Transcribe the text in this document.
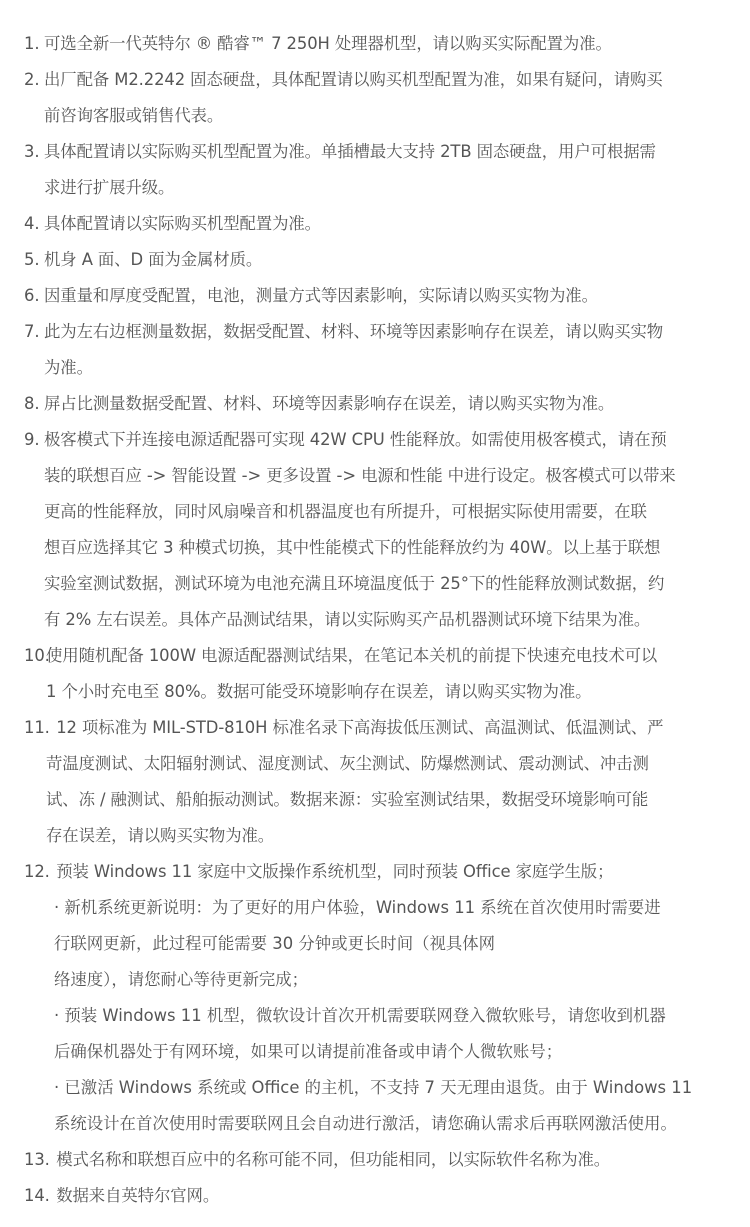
1. 可选全新一代英特尔 ® 酷睿™ 7 250H 处理器机型，请以购买实际配置为准。
2. 出厂配备 M2.2242 固态硬盘，具体配置请以购买机型配置为准，如果有疑问，请购买
前咨询客服或销售代表。
3. 具体配置请以实际购买机型配置为准。单插槽最大支持 2TB 固态硬盘，用户可根据需
求进行扩展升级。
4. 具体配置请以实际购买机型配置为准。
5. 机身 A 面、D 面为金属材质。
6. 因重量和厚度受配置，电池，测量方式等因素影响，实际请以购买实物为准。
7. 此为左右边框测量数据，数据受配置、材料、环境等因素影响存在误差，请以购买实物
为准。
8. 屏占比测量数据受配置、材料、环境等因素影响存在误差，请以购买实物为准。
9. 极客模式下并连接电源适配器可实现 42W CPU 性能释放。如需使用极客模式，请在预
装的联想百应 -> 智能设置 -> 更多设置 -> 电源和性能 中进行设定。极客模式可以带来
更高的性能释放，同时风扇噪音和机器温度也有所提升，可根据实际使用需要，在联
想百应选择其它 3 种模式切换，其中性能模式下的性能释放约为 40W。以上基于联想
实验室测试数据，测试环境为电池充满且环境温度低于 25°下的性能释放测试数据，约
有 2% 左右误差。具体产品测试结果，请以实际购买产品机器测试环境下结果为准。
10.
使用随机配备 100W 电源适配器测试结果，在笔记本关机的前提下快速充电技术可以
1 个小时充电至 80%。数据可能受环境影响存在误差，请以购买实物为准。
11.
12 项标准为 MIL-STD-810H 标准名录下高海拔低压测试、高温测试、低温测试、严
苛温度测试、太阳辐射测试、湿度测试、灰尘测试、防爆燃测试、震动测试、冲击测
试、冻 / 融测试、船舶振动测试。数据来源：实验室测试结果，数据受环境影响可能
存在误差，请以购买实物为准。
12.
预装 Windows 11 家庭中文版操作系统机型，同时预装 Office 家庭学生版；
· 新机系统更新说明：为了更好的用户体验，Windows 11 系统在首次使用时需要进
行联网更新，此过程可能需要 30 分钟或更长时间（视具体网
络速度），请您耐心等待更新完成；
· 预装 Windows 11 机型，微软设计首次开机需要联网登入微软账号，请您收到机器
后确保机器处于有网环境，如果可以请提前准备或申请个人微软账号；
· 已激活 Windows 系统或 Office 的主机，不支持 7 天无理由退货。由于 Windows 11
系统设计在首次使用时需要联网且会自动进行激活，请您确认需求后再联网激活使用。
13.
模式名称和联想百应中的名称可能不同，但功能相同，以实际软件名称为准。
14.
数据来自英特尔官网。
